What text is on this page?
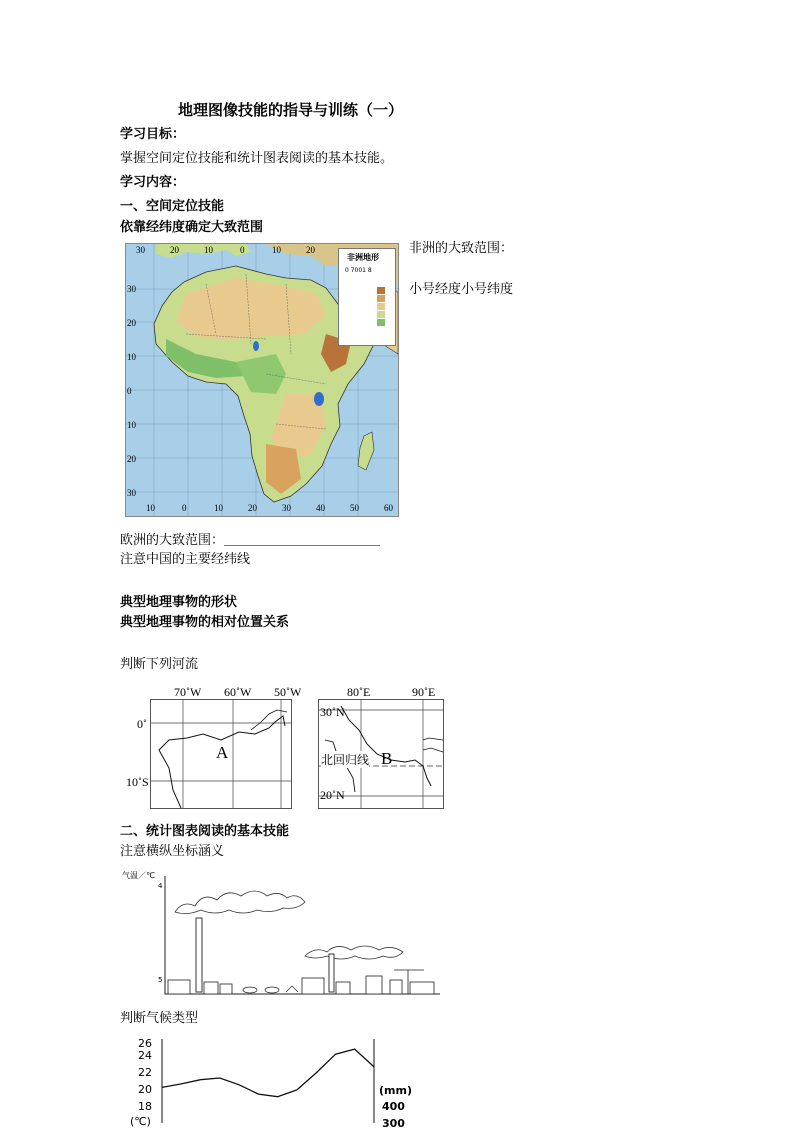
地理图像技能的指导与训练（一）
学习目标：
掌握空间定位技能和统计图表阅读的基本技能。
学习内容：
一、空间定位技能
依靠经纬度确定大致范围
非洲地形
0 7001 8
30	20	10	0	10	20
10	0	10	20	30	40	50	60
30
20
10
0
10
20
30
非洲的大致范围：
小号经度小号纬度
欧洲的大致范围：＿＿＿＿＿＿＿＿＿＿＿＿
注意中国的主要经纬线
典型地理事物的形状
典型地理事物的相对位置关系
判断下列河流
70˚W 60˚W 50˚W
0˚
10˚S
A
80˚E	90˚E
30˚N
20˚N
北回归线 B
二、统计图表阅读的基本技能
注意横纵坐标涵义
气温／℃
4
5
判断气候类型
26
24
22
20
18
(℃)
(mm)
400
300
